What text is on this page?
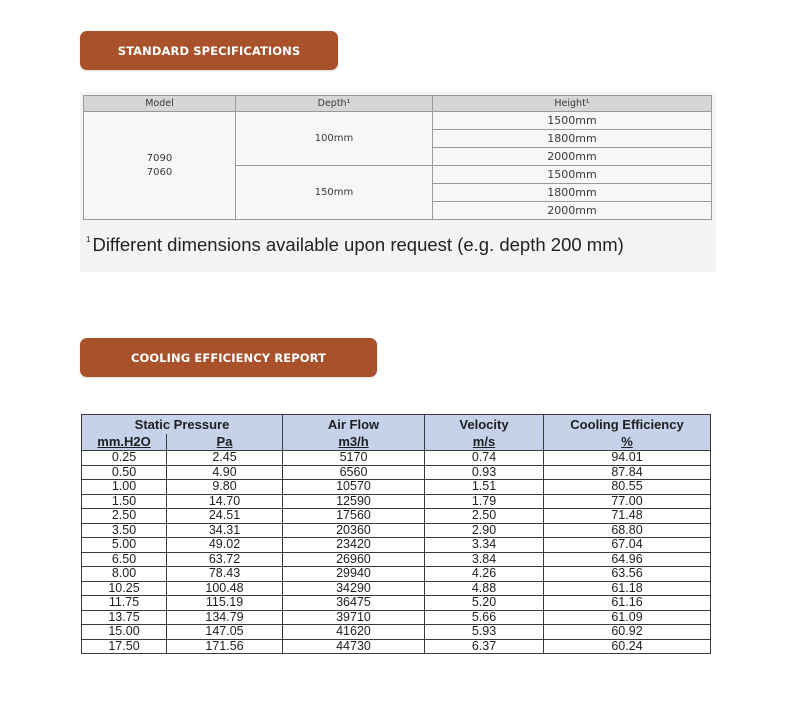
STANDARD SPECIFICATIONS
Model	Depth¹	Height¹

7090
7060	100mm	1500mm
		1800mm
		2000mm
	150mm	1500mm
		1800mm
		2000mm
$^1$ Different dimensions available upon request (e.g. depth 200 mm)
COOLING EFFICIENCY REPORT
Static Pressure		Air Flow	Velocity	Cooling Efficiency
mm.H2O	Pa	m3/h	m/s	%
0.25	2.45	5170	0.74	94.01
0.50	4.90	6560	0.93	87.84
1.00	9.80	10570	1.51	80.55
1.50	14.70	12590	1.79	77.00
2.50	24.51	17560	2.50	71.48
3.50	34.31	20360	2.90	68.80
5.00	49.02	23420	3.34	67.04
6.50	63.72	26960	3.84	64.96
8.00	78.43	29940	4.26	63.56
10.25	100.48	34290	4.88	61.18
11.75	115.19	36475	5.20	61.16
13.75	134.79	39710	5.66	61.09
15.00	147.05	41620	5.93	60.92
17.50	171.56	44730	6.37	60.24
